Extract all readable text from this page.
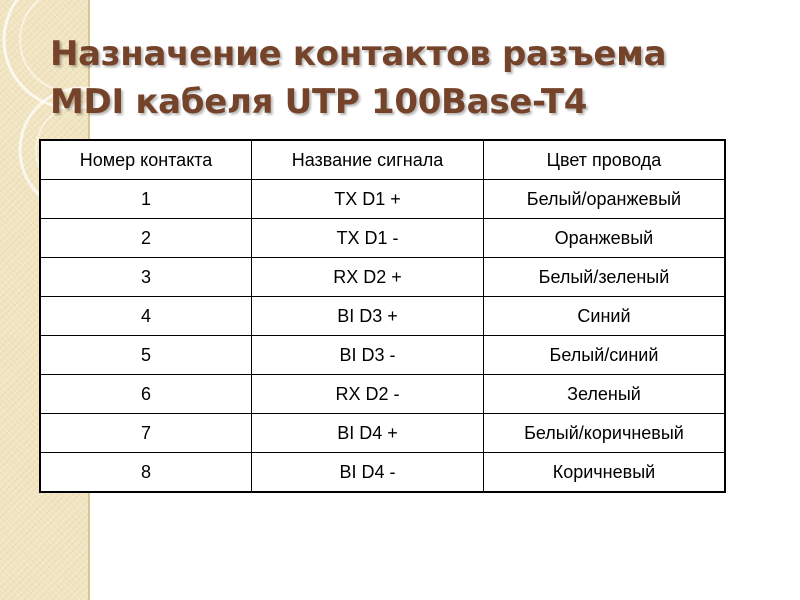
Назначение контактов разъема
MDI кабеля UTP 100Base-T4
Номер контакта	Название сигнала	Цвет провода
1	TX D1 +	Белый/оранжевый
2	TX D1 -	Оранжевый
3	RX D2 +	Белый/зеленый
4	BI D3 +	Синий
5	BI D3 -	Белый/синий
6	RX D2 -	Зеленый
7	BI D4 +	Белый/коричневый
8	BI D4 -	Коричневый
